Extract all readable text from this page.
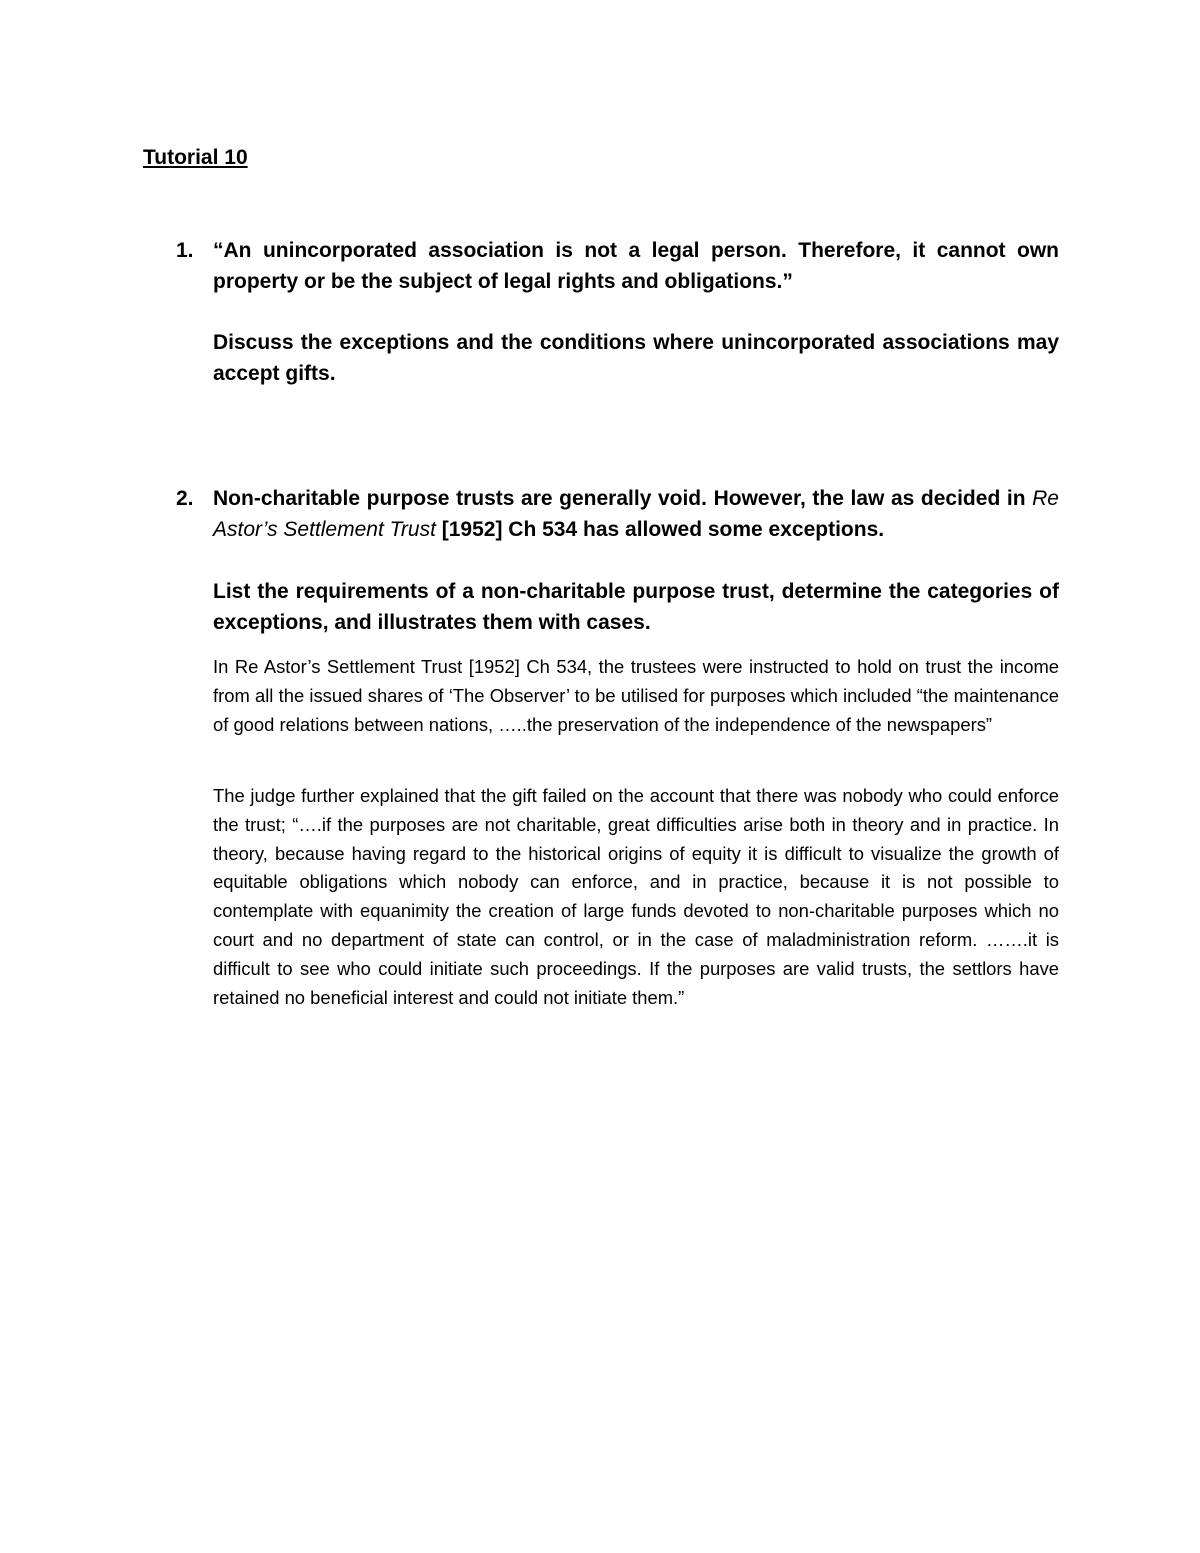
Tutorial 10
1. “An unincorporated association is not a legal person. Therefore, it cannot own property or be the subject of legal rights and obligations.”

Discuss the exceptions and the conditions where unincorporated associations may accept gifts.

2. Non-charitable purpose trusts are generally void. However, the law as decided in Re Astor’s Settlement Trust [1952] Ch 534 has allowed some exceptions.

List the requirements of a non-charitable purpose trust, determine the categories of exceptions, and illustrates them with cases.

In Re Astor’s Settlement Trust [1952] Ch 534, the trustees were instructed to hold on trust the income from all the issued shares of ‘The Observer’ to be utilised for purposes which included “the maintenance of good relations between nations, …..the preservation of the independence of the newspapers”

The judge further explained that the gift failed on the account that there was nobody who could enforce the trust; “….if the purposes are not charitable, great difficulties arise both in theory and in practice. In theory, because having regard to the historical origins of equity it is difficult to visualize the growth of equitable obligations which nobody can enforce, and in practice, because it is not possible to contemplate with equanimity the creation of large funds devoted to non-charitable purposes which no court and no department of state can control, or in the case of maladministration reform. …….it is difficult to see who could initiate such proceedings. If the purposes are valid trusts, the settlors have retained no beneficial interest and could not initiate them.”
